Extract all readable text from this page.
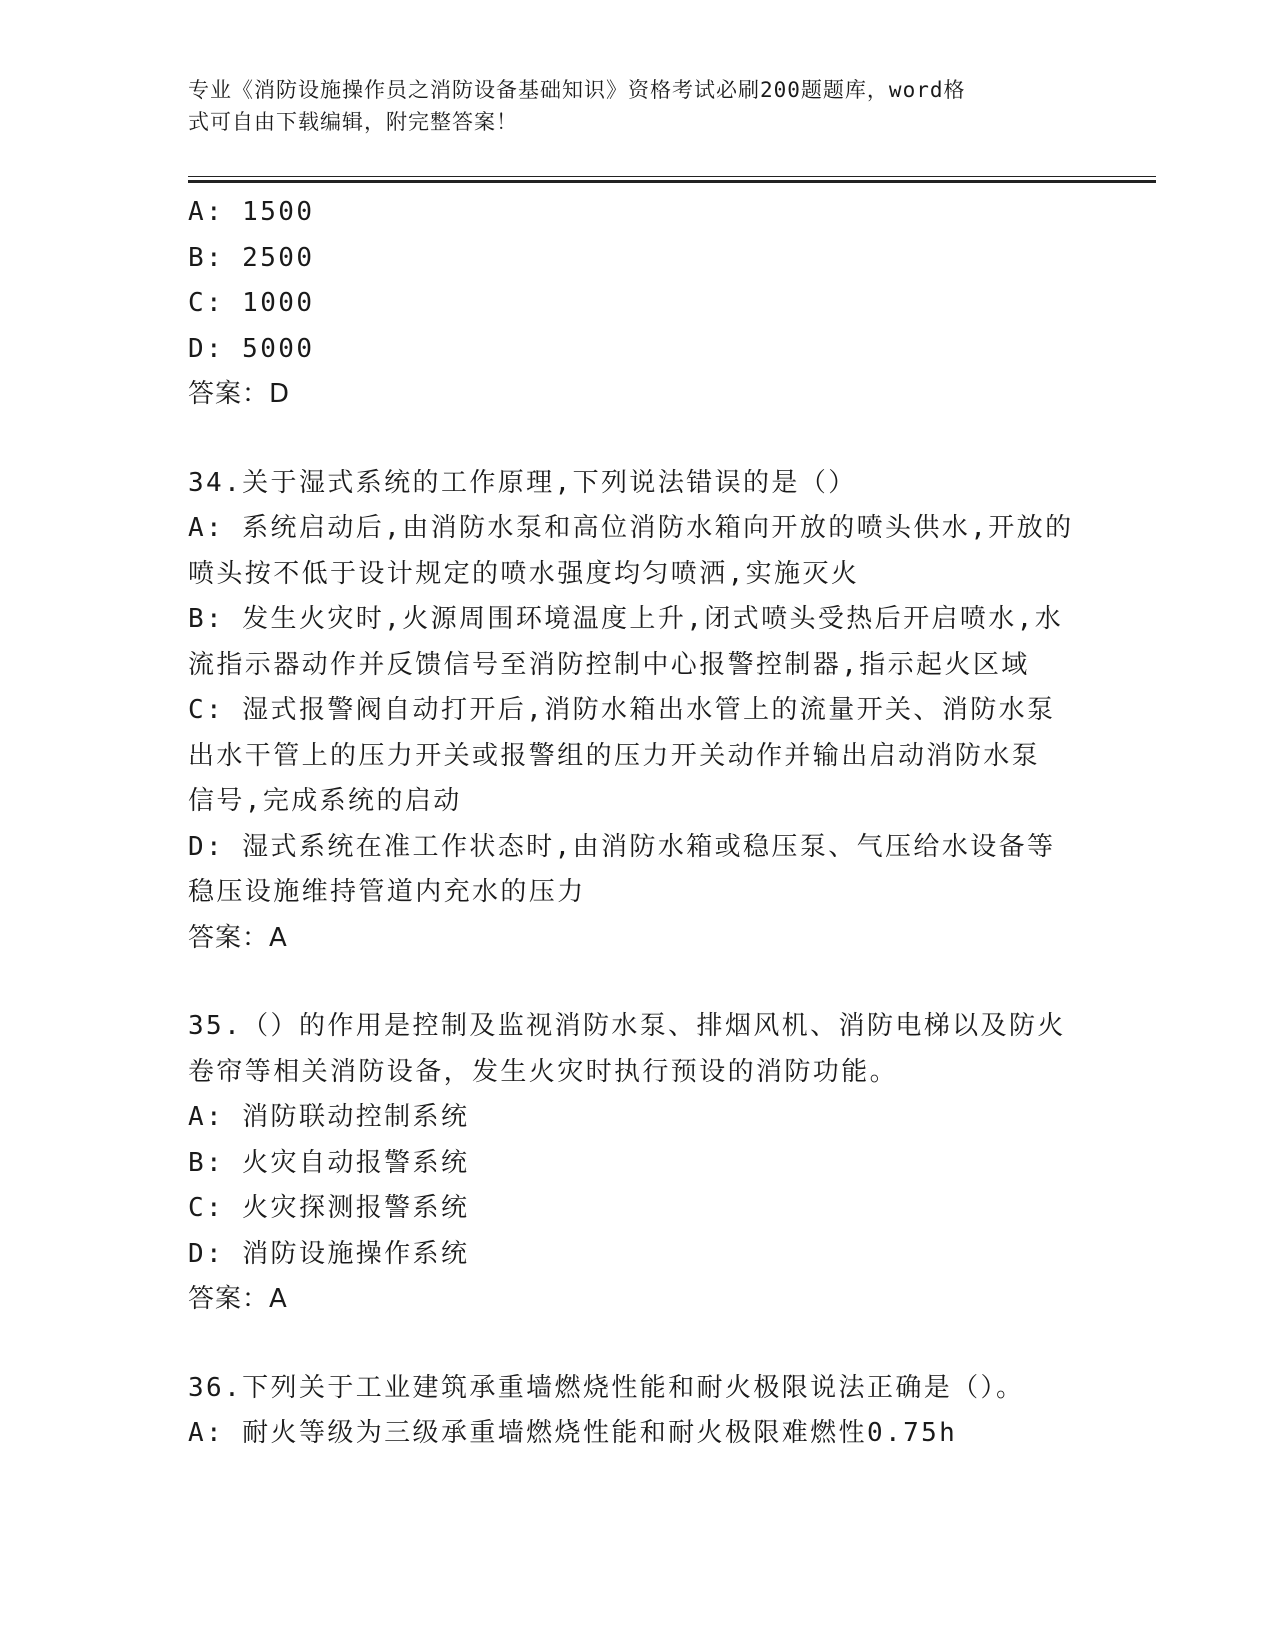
专业《消防设施操作员之消防设备基础知识》资格考试必刷200题题库，word格
式可自由下载编辑，附完整答案！

A: 1500

B: 2500

C: 1000

D: 5000

答案：D

34.关于湿式系统的工作原理,下列说法错误的是（）

A: 系统启动后,由消防水泵和高位消防水箱向开放的喷头供水,开放的

喷头按不低于设计规定的喷水强度均匀喷洒,实施灭火

B: 发生火灾时,火源周围环境温度上升,闭式喷头受热后开启喷水,水

流指示器动作并反馈信号至消防控制中心报警控制器,指示起火区域

C: 湿式报警阀自动打开后,消防水箱出水管上的流量开关、消防水泵

出水干管上的压力开关或报警组的压力开关动作并输出启动消防水泵

信号,完成系统的启动

D: 湿式系统在准工作状态时,由消防水箱或稳压泵、气压给水设备等

稳压设施维持管道内充水的压力

答案：A

35.（）的作用是控制及监视消防水泵、排烟风机、消防电梯以及防火

卷帘等相关消防设备，发生火灾时执行预设的消防功能。

A: 消防联动控制系统

B: 火灾自动报警系统

C: 火灾探测报警系统

D: 消防设施操作系统

答案：A

36.下列关于工业建筑承重墙燃烧性能和耐火极限说法正确是（）。

A: 耐火等级为三级承重墙燃烧性能和耐火极限难燃性0.75h
